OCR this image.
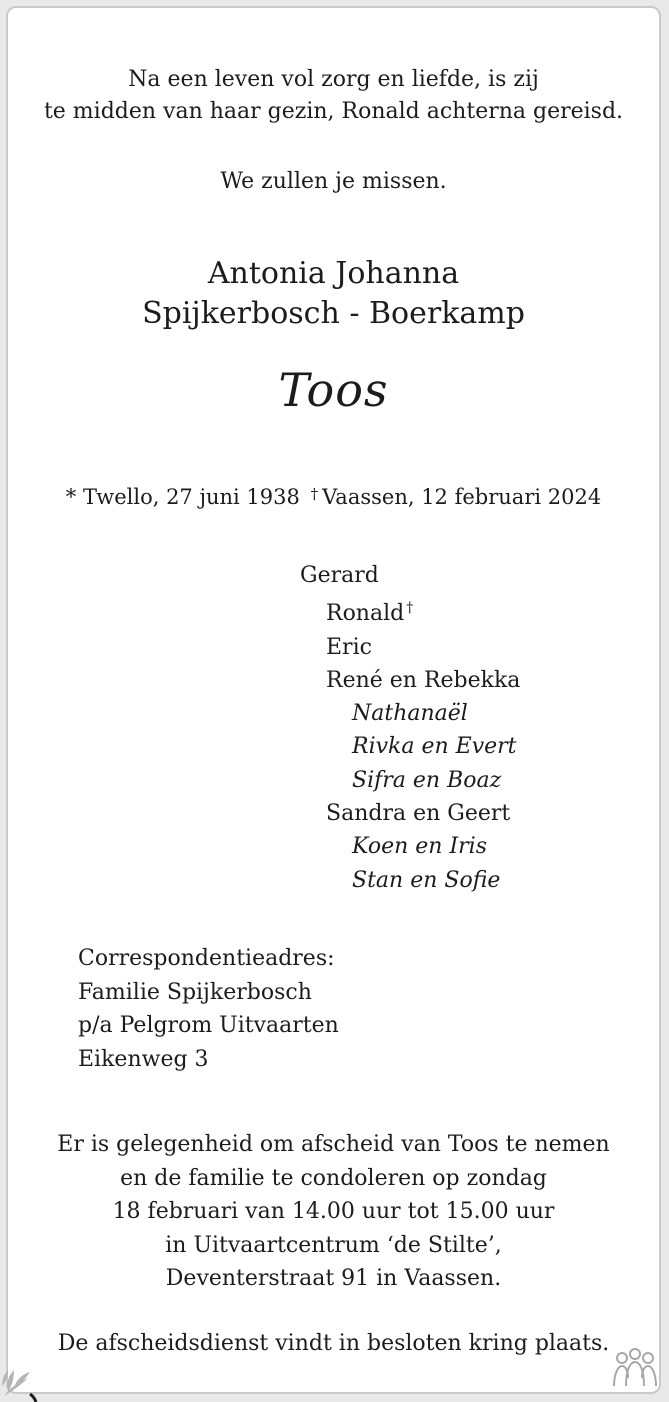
Na een leven vol zorg en liefde, is zij
te midden van haar gezin, Ronald achterna gereisd.
We zullen je missen.
Antonia Johanna
Spijkerbosch - Boerkamp
Toos
* Twello, 27 juni 1938 † Vaassen, 12 februari 2024
Gerard
Ronald †
Eric
René en Rebekka
Nathanaël
Rivka en Evert
Sifra en Boaz
Sandra en Geert
Koen en Iris
Stan en Sofie
Correspondentieadres:
Familie Spijkerbosch
p/a Pelgrom Uitvaarten
Eikenweg 3
Er is gelegenheid om afscheid van Toos te nemen
en de familie te condoleren op zondag
18 februari van 14.00 uur tot 15.00 uur
in Uitvaartcentrum ‘de Stilte’,
Deventerstraat 91 in Vaassen.
De afscheidsdienst vindt in besloten kring plaats.
